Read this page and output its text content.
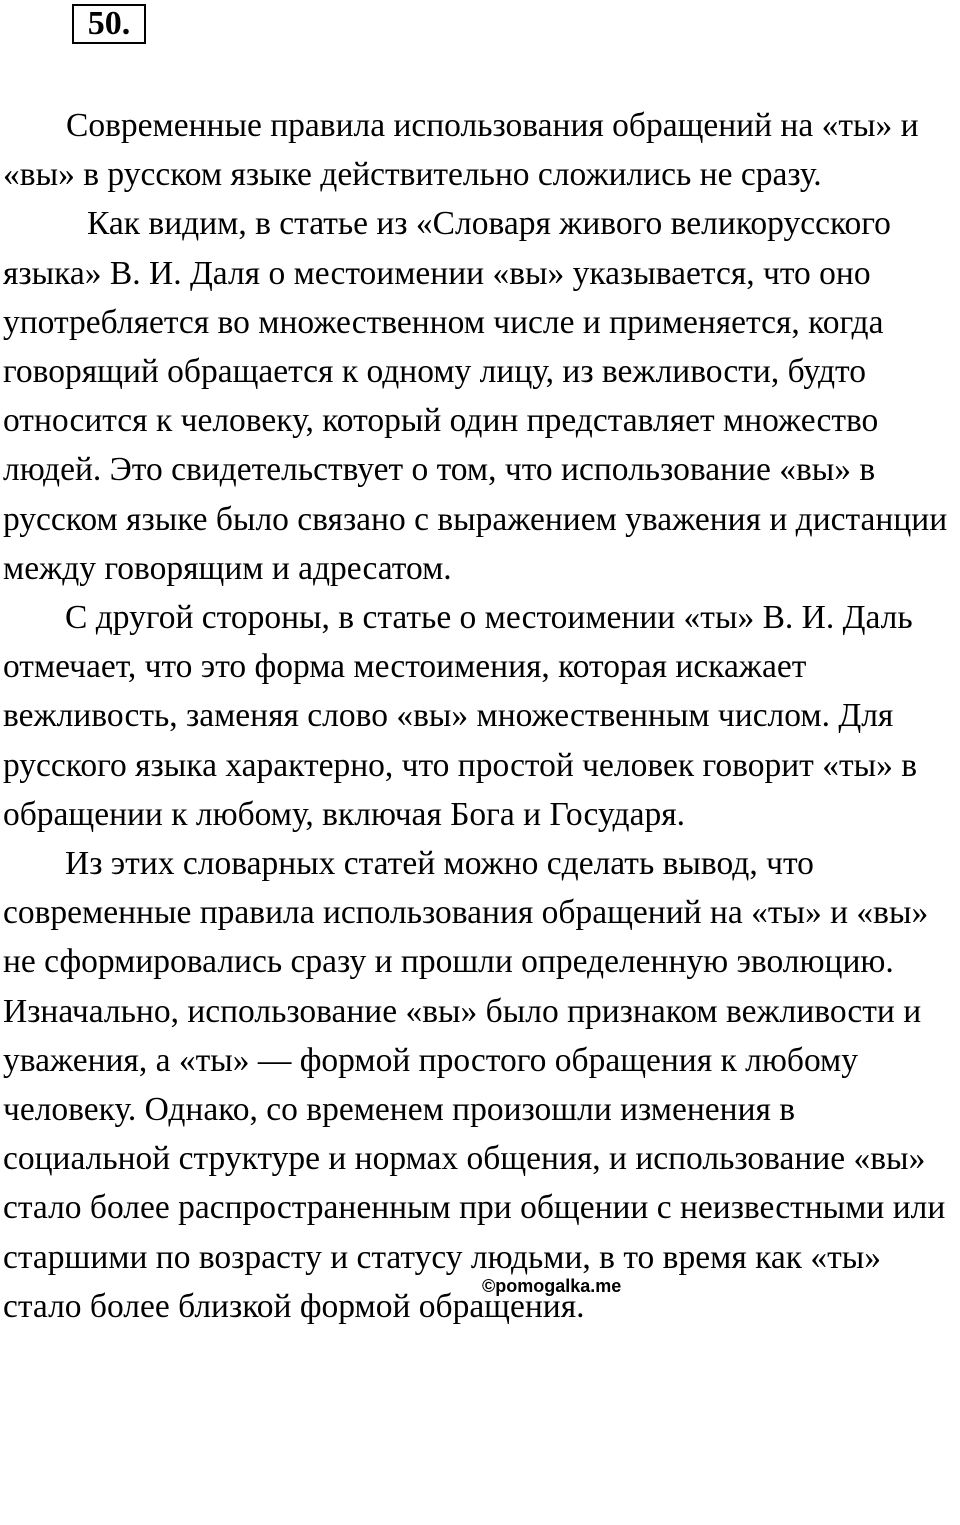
50.

Современные правила использования обращений на «ты» и «вы» в русском языке действительно сложились не сразу.

Как видим, в статье из «Словаря живого великорусского языка» В. И. Даля о местоимении «вы» указывается, что оно употребляется во множественном числе и применяется, когда говорящий обращается к одному лицу, из вежливости, будто относится к человеку, который один представляет множество людей. Это свидетельствует о том, что использование «вы» в русском языке было связано с выражением уважения и дистанции между говорящим и адресатом.

С другой стороны, в статье о местоимении «ты» В. И. Даль отмечает, что это форма местоимения, которая искажает вежливость, заменяя слово «вы» множественным числом. Для русского языка характерно, что простой человек говорит «ты» в обращении к любому, включая Бога и Государя.

Из этих словарных статей можно сделать вывод, что современные правила использования обращений на «ты» и «вы» не сформировались сразу и прошли определенную эволюцию. Изначально, использование «вы» было признаком вежливости и уважения, а «ты» — формой простого обращения к любому человеку. Однако, со временем произошли изменения в социальной структуре и нормах общения, и использование «вы» стало более распространенным при общении с неизвестными или старшими по возрасту и статусу людьми, в то время как «ты» стало более близкой формой обращения.

©pomogalka.me
